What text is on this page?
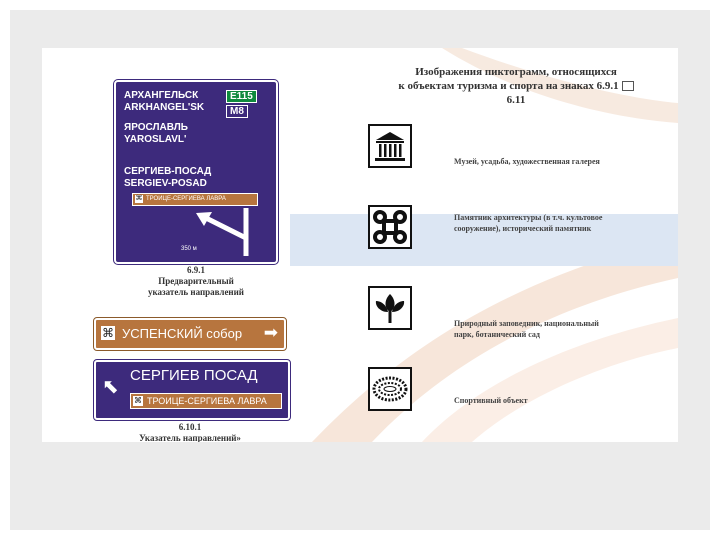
АРХАНГЕЛЬСК
ARKHANGEL'SK
E115
M8
ЯРОСЛАВЛЬ
YAROSLAVL'
СЕРГИЕВ-ПОСАД
SERGIEV-POSAD
⌘ ТРОИЦЕ-СЕРГИЕВА ЛАВРА
350 м
6.9.1
Предварительный
указатель направлений
⌘ УСПЕНСКИЙ собор ➡
⬉
СЕРГИЕВ ПОСАД
⌘ ТРОИЦЕ-СЕРГИЕВА ЛАВРА
6.10.1
Указатель направлений»
Изображения пиктограмм, относящихся
к объектам туризма и спорта на знаках 6.9.1
6.11
Музей, усадьба, художественная галерея
Памятник архитектуры (в т.ч. культовое
сооружение), исторический памятник
Природный заповедник, национальный
парк, ботанический сад
Спортивный объект
